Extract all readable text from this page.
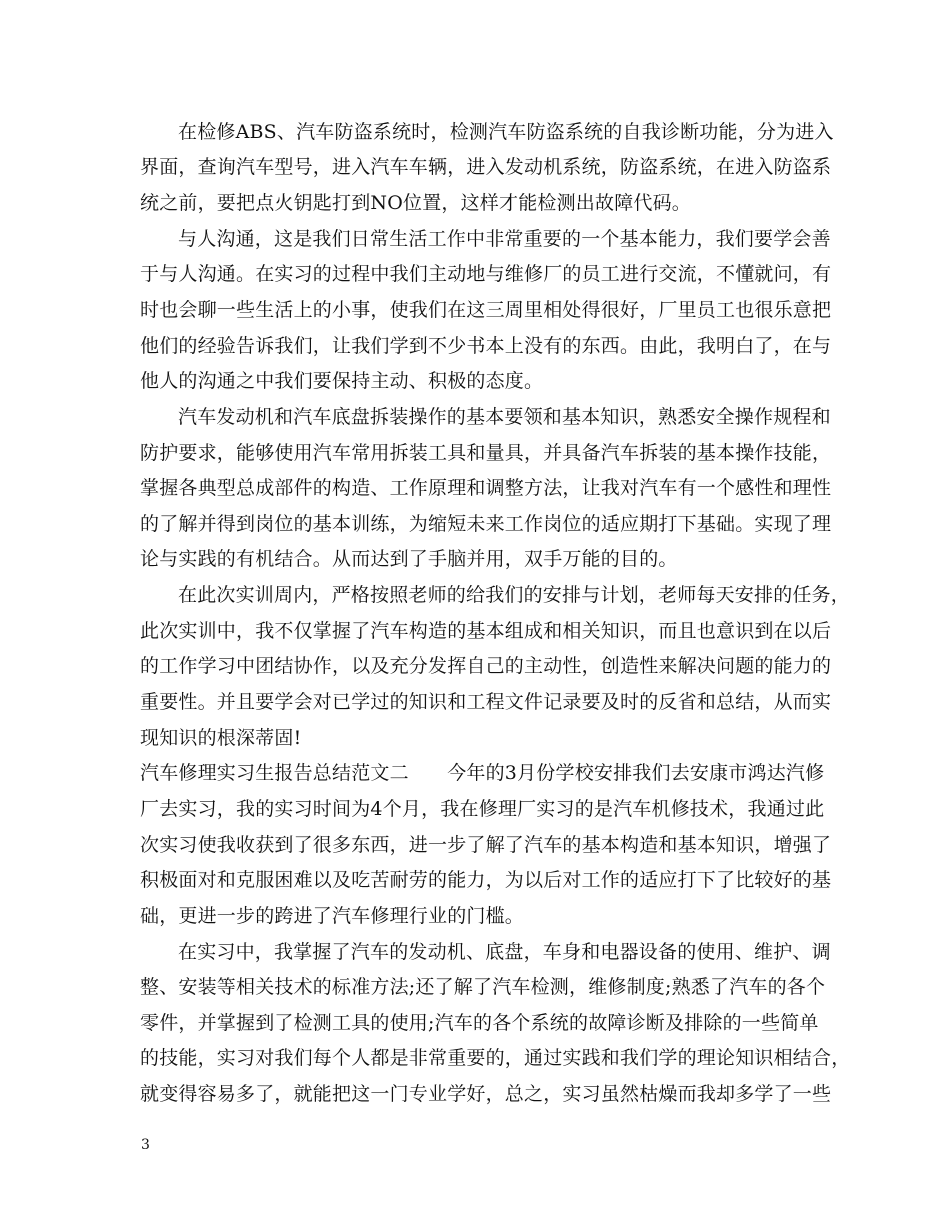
在检修ABS、汽车防盗系统时，检测汽车防盗系统的自我诊断功能，分为进入
界面，查询汽车型号，进入汽车车辆，进入发动机系统，防盗系统，在进入防盗系
统之前，要把点火钥匙打到NO位置，这样才能检测出故障代码。
与人沟通，这是我们日常生活工作中非常重要的一个基本能力，我们要学会善
于与人沟通。在实习的过程中我们主动地与维修厂的员工进行交流，不懂就问，有
时也会聊一些生活上的小事，使我们在这三周里相处得很好，厂里员工也很乐意把
他们的经验告诉我们，让我们学到不少书本上没有的东西。由此，我明白了，在与
他人的沟通之中我们要保持主动、积极的态度。
汽车发动机和汽车底盘拆装操作的基本要领和基本知识，熟悉安全操作规程和
防护要求，能够使用汽车常用拆装工具和量具，并具备汽车拆装的基本操作技能，
掌握各典型总成部件的构造、工作原理和调整方法，让我对汽车有一个感性和理性
的了解并得到岗位的基本训练，为缩短未来工作岗位的适应期打下基础。实现了理
论与实践的有机结合。从而达到了手脑并用，双手万能的目的。
在此次实训周内，严格按照老师的给我们的安排与计划，老师每天安排的任务，
此次实训中，我不仅掌握了汽车构造的基本组成和相关知识，而且也意识到在以后
的工作学习中团结协作，以及充分发挥自己的主动性，创造性来解决问题的能力的
重要性。并且要学会对已学过的知识和工程文件记录要及时的反省和总结，从而实
现知识的根深蒂固!
汽车修理实习生报告总结范文二　　今年的3月份学校安排我们去安康市鸿达汽修
厂去实习，我的实习时间为4个月，我在修理厂实习的是汽车机修技术，我通过此
次实习使我收获到了很多东西，进一步了解了汽车的基本构造和基本知识，增强了
积极面对和克服困难以及吃苦耐劳的能力，为以后对工作的适应打下了比较好的基
础，更进一步的跨进了汽车修理行业的门槛。
在实习中，我掌握了汽车的发动机、底盘，车身和电器设备的使用、维护、调
整、安装等相关技术的标准方法;还了解了汽车检测，维修制度;熟悉了汽车的各个
零件，并掌握到了检测工具的使用;汽车的各个系统的故障诊断及排除的一些简单
的技能，实习对我们每个人都是非常重要的，通过实践和我们学的理论知识相结合，
就变得容易多了，就能把这一门专业学好，总之，实习虽然枯燥而我却多学了一些
3
